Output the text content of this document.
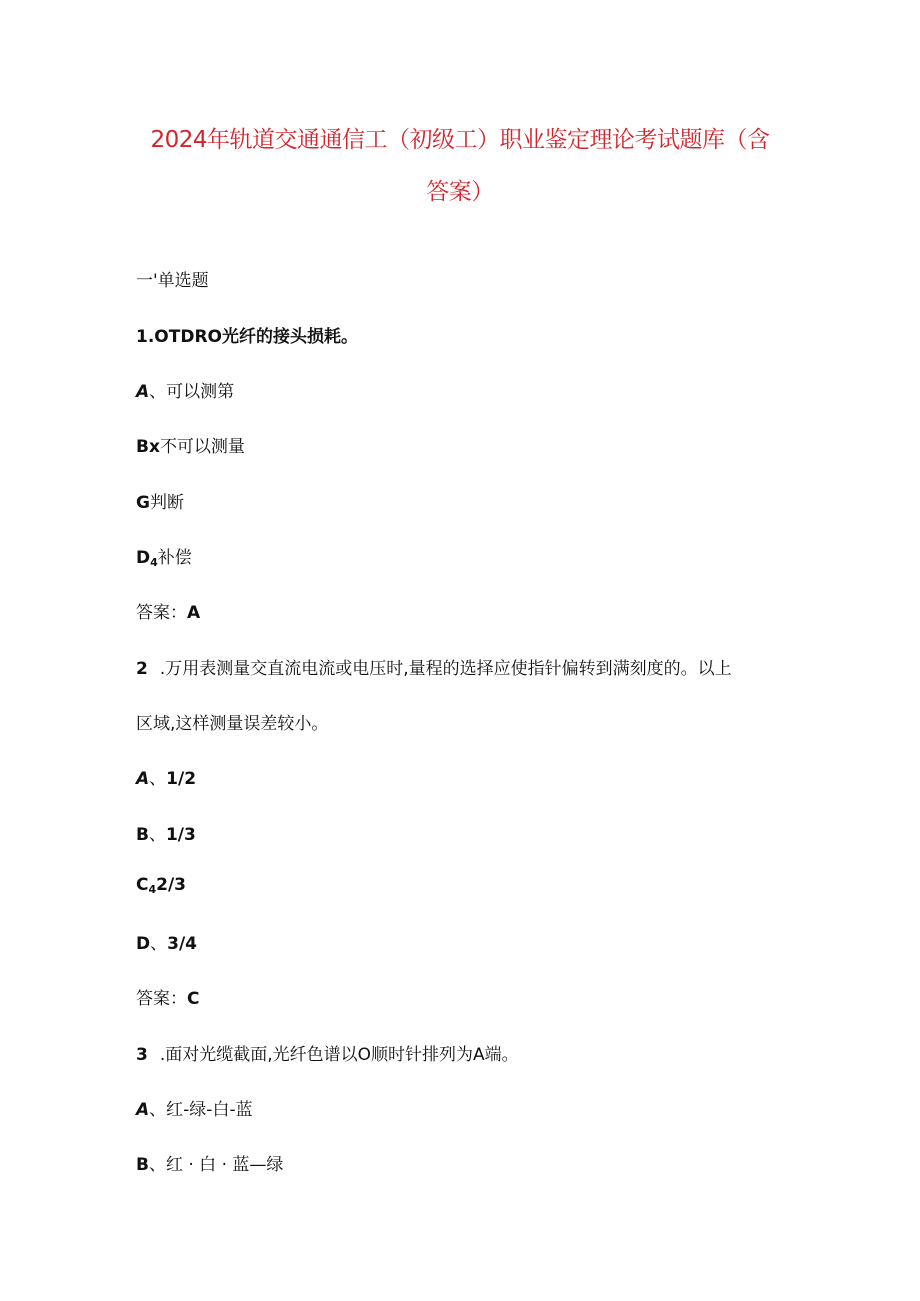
2024年轨道交通通信工（初级工）职业鉴定理论考试题库（含
答案）
一'单选题
1.OTDRO光纤的接头损耗。
A、可以测第
Bx不可以测量
G判断
$D_4$补偿
答案：A
2 .万用表测量交直流电流或电压时,量程的选择应使指针偏转到满刻度的。以上
区域,这样测量误差较小。
A、1/2
B、1/3
$C_42/3$
D、3/4
答案：C
3 .面对光缆截面,光纤色谱以O顺时针排列为A端。
A、红-绿-白-蓝
B、红 · 白 · 蓝—绿
